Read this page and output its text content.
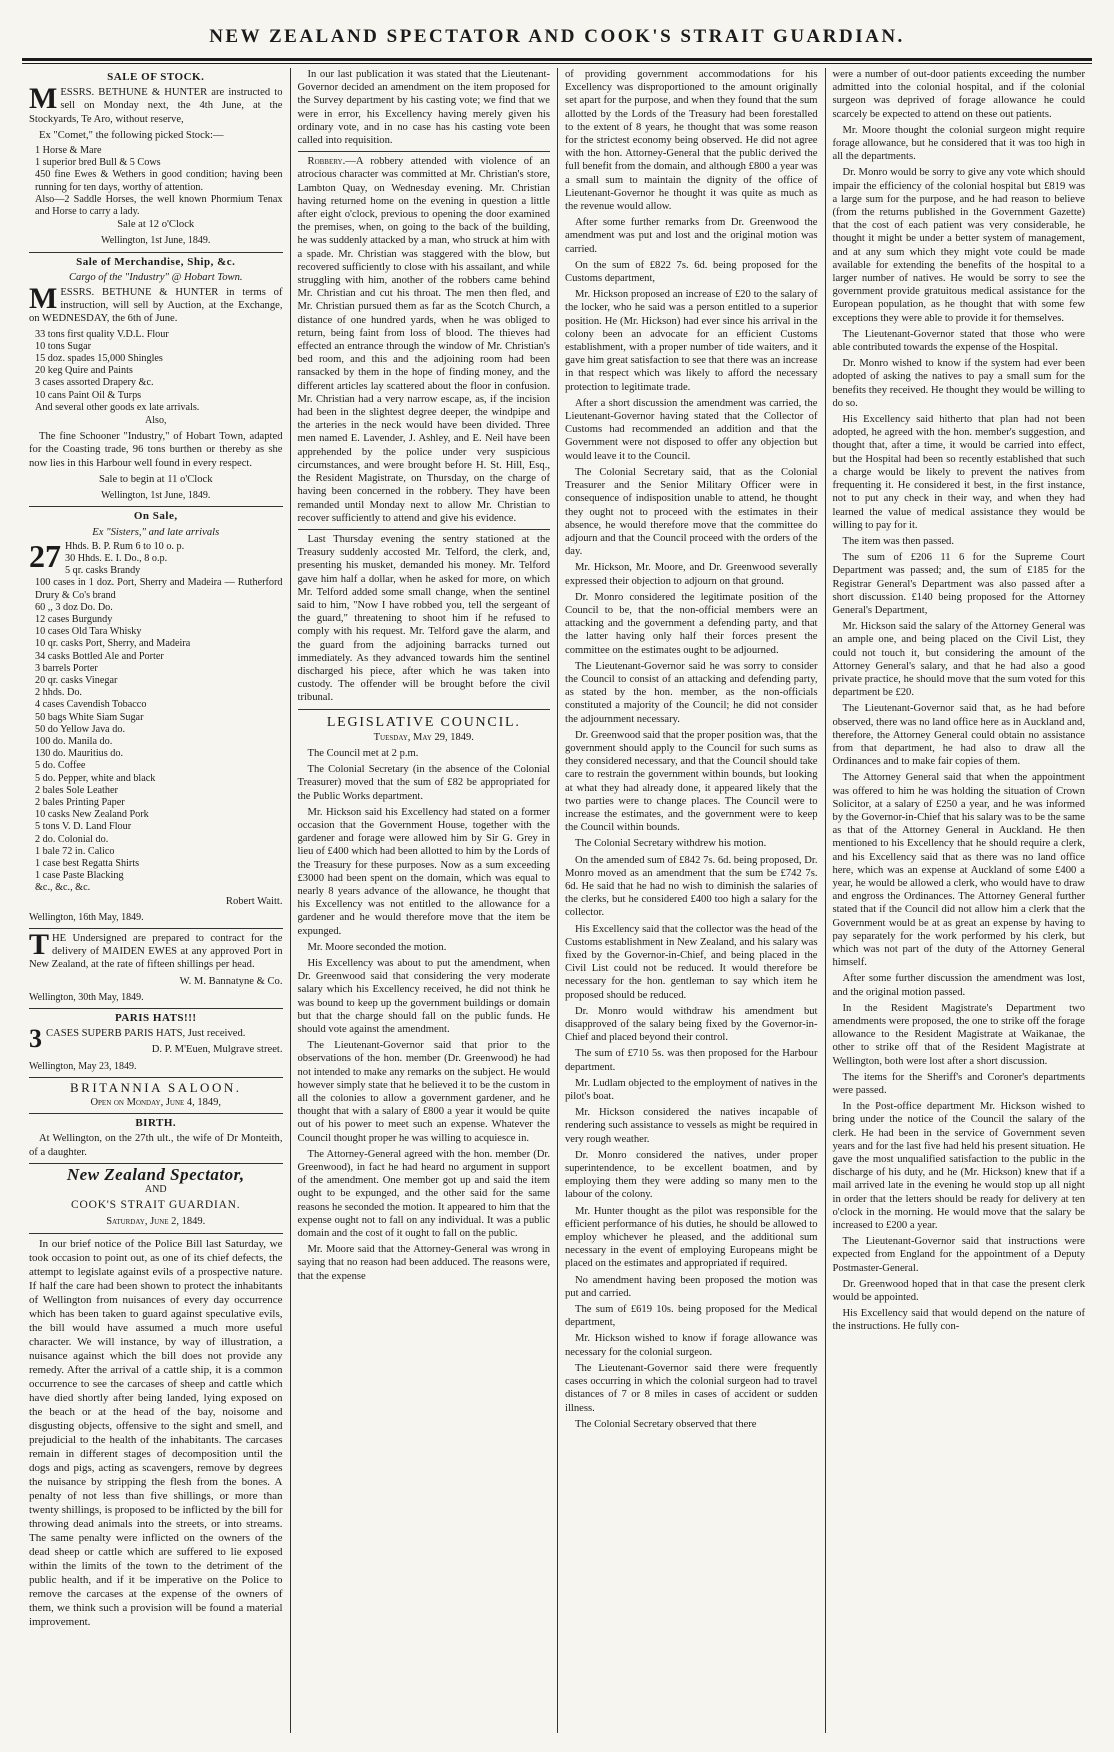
NEW ZEALAND SPECTATOR AND COOK'S STRAIT GUARDIAN.

SALE OF STOCK.

MESSRS. BETHUNE & HUNTER are instructed to sell on Monday next, the 4th June, at the Stockyards, Te Aro, without reserve,

Ex "Comet," the following picked Stock:—

1 Horse & Mare
1 superior bred Bull & 5 Cows
450 fine Ewes & Wethers in good condition; having been running for ten days, worthy of attention.
Also—2 Saddle Horses, the well known Phormium Tenax and Horse to carry a lady.

Sale at 12 o'Clock

Wellington, 1st June, 1849.

Sale of Merchandise, Ship, &c.

Cargo of the "Industry" @ Hobart Town.

MESSRS. BETHUNE & HUNTER in terms of instruction, will sell by Auction, at the Exchange, on WEDNESDAY, the 6th of June.

33 tons first quality V.D.L. Flour
10 tons Sugar
15 doz. spades 15,000 Shingles
20 keg Quire and Paints
3 cases assorted Drapery &c.
10 cans Paint Oil & Turps
And several other goods ex late arrivals.

Also,

The fine Schooner "Industry," of Hobart Town, adapted for the Coasting trade, 96 tons burthen or thereby as she now lies in this Harbour well found in every respect.

Sale to begin at 11 o'Clock

Wellington, 1st June, 1849.

On Sale,

Ex "Sisters," and late arrivals

27 Hhds. B. P. Rum 6 to 10 o. p.
30 Hhds. E. I. Do., 8 o.p.
5 qr. casks Brandy
100 cases in 1 doz. Port, Sherry and Madeira — Rutherford Drury & Co's brand
60 ,, 3 doz Do. Do.
12 cases Burgundy
10 cases Old Tara Whisky
10 qr. casks Port, Sherry, and Madeira
34 casks Bottled Ale and Porter
3 barrels Porter
20 qr. casks Vinegar
2 hhds. Do.
4 cases Cavendish Tobacco
50 bags White Siam Sugar
50 do Yellow Java do.
100 do. Manila do.
130 do. Mauritius do.
5 do. Coffee
5 do. Pepper, white and black
2 bales Sole Leather
2 bales Printing Paper
10 casks New Zealand Pork
5 tons V. D. Land Flour
2 do. Colonial do.
1 bale 72 in. Calico
1 case best Regatta Shirts
1 case Paste Blacking
&c., &c., &c.

Robert Waitt.

Wellington, 16th May, 1849.

THE Undersigned are prepared to contract for the delivery of MAIDEN EWES at any approved Port in New Zealand, at the rate of fifteen shillings per head.

W. M. Bannatyne & Co.

Wellington, 30th May, 1849.

PARIS HATS!!!

3 CASES SUPERB PARIS HATS, Just received.

D. P. M'Euen, Mulgrave street.

Wellington, May 23, 1849.

BRITANNIA SALOON.

Open on Monday, June 4, 1849,

BIRTH.

At Wellington, on the 27th ult., the wife of Dr Monteith, of a daughter.

New Zealand Spectator,

AND

COOK'S STRAIT GUARDIAN.

Saturday, June 2, 1849.

In our brief notice of the Police Bill last Saturday, we took occasion to point out, as one of its chief defects, the attempt to legislate against evils of a prospective nature. If half the care had been shown to protect the inhabitants of Wellington from nuisances of every day occurrence which has been taken to guard against speculative evils, the bill would have assumed a much more useful character. We will instance, by way of illustration, a nuisance against which the bill does not provide any remedy. After the arrival of a cattle ship, it is a common occurrence to see the carcases of sheep and cattle which have died shortly after being landed, lying exposed on the beach or at the head of the bay, noisome and disgusting objects, offensive to the sight and smell, and prejudicial to the health of the inhabitants. The carcases remain in different stages of decomposition until the dogs and pigs, acting as scavengers, remove by degrees the nuisance by stripping the flesh from the bones. A penalty of not less than five shillings, or more than twenty shillings, is proposed to be inflicted by the bill for throwing dead animals into the streets, or into streams. The same penalty were inflicted on the owners of the dead sheep or cattle which are suffered to lie exposed within the limits of the town to the detriment of the public health, and if it be imperative on the Police to remove the carcases at the expense of the owners of them, we think such a provision will be found a material improvement.

In our last publication it was stated that the Lieutenant-Governor decided an amendment on the item proposed for the Survey department by his casting vote; we find that we were in error, his Excellency having merely given his ordinary vote, and in no case has his casting vote been called into requisition.

Robbery.—A robbery attended with violence of an atrocious character was committed at Mr. Christian's store, Lambton Quay, on Wednesday evening. Mr. Christian having returned home on the evening in question a little after eight o'clock, previous to opening the door examined the premises, when, on going to the back of the building, he was suddenly attacked by a man, who struck at him with a spade. Mr. Christian was staggered with the blow, but recovered sufficiently to close with his assailant, and while struggling with him, another of the robbers came behind Mr. Christian and cut his throat. The men then fled, and Mr. Christian pursued them as far as the Scotch Church, a distance of one hundred yards, when he was obliged to return, being faint from loss of blood. The thieves had effected an entrance through the window of Mr. Christian's bed room, and this and the adjoining room had been ransacked by them in the hope of finding money, and the different articles lay scattered about the floor in confusion. Mr. Christian had a very narrow escape, as, if the incision had been in the slightest degree deeper, the windpipe and the arteries in the neck would have been divided. Three men named E. Lavender, J. Ashley, and E. Neil have been apprehended by the police under very suspicious circumstances, and were brought before H. St. Hill, Esq., the Resident Magistrate, on Thursday, on the charge of having been concerned in the robbery. They have been remanded until Monday next to allow Mr. Christian to recover sufficiently to attend and give his evidence.

Last Thursday evening the sentry stationed at the Treasury suddenly accosted Mr. Telford, the clerk, and, presenting his musket, demanded his money. Mr. Telford gave him half a dollar, when he asked for more, on which Mr. Telford added some small change, when the sentinel said to him, "Now I have robbed you, tell the sergeant of the guard," threatening to shoot him if he refused to comply with his request. Mr. Telford gave the alarm, and the guard from the adjoining barracks turned out immediately. As they advanced towards him the sentinel discharged his piece, after which he was taken into custody. The offender will be brought before the civil tribunal.

LEGISLATIVE COUNCIL.

Tuesday, May 29, 1849.

The Council met at 2 p.m.

The Colonial Secretary (in the absence of the Colonial Treasurer) moved that the sum of £82 be appropriated for the Public Works department.

Mr. Hickson said his Excellency had stated on a former occasion that the Government House, together with the gardener and forage were allowed him by Sir G. Grey in lieu of £400 which had been allotted to him by the Lords of the Treasury for these purposes. Now as a sum exceeding £3000 had been spent on the domain, which was equal to nearly 8 years advance of the allowance, he thought that his Excellency was not entitled to the allowance for a gardener and he would therefore move that the item be expunged.

Mr. Moore seconded the motion.

His Excellency was about to put the amendment, when Dr. Greenwood said that considering the very moderate salary which his Excellency received, he did not think he was bound to keep up the government buildings or domain but that the charge should fall on the public funds. He should vote against the amendment.

The Lieutenant-Governor said that prior to the observations of the hon. member (Dr. Greenwood) he had not intended to make any remarks on the subject. He would however simply state that he believed it to be the custom in all the colonies to allow a government gardener, and he thought that with a salary of £800 a year it would be quite out of his power to meet such an expense. Whatever the Council thought proper he was willing to acquiesce in.

The Attorney-General agreed with the hon. member (Dr. Greenwood), in fact he had heard no argument in support of the amendment. One member got up and said the item ought to be expunged, and the other said for the same reasons he seconded the motion. It appeared to him that the expense ought not to fall on any individual. It was a public domain and the cost of it ought to fall on the public.

Mr. Moore said that the Attorney-General was wrong in saying that no reason had been adduced. The reasons were, that the expense

of providing government accommodations for his Excellency was disproportioned to the amount originally set apart for the purpose, and when they found that the sum allotted by the Lords of the Treasury had been forestalled to the extent of 8 years, he thought that was some reason for the strictest economy being observed. He did not agree with the hon. Attorney-General that the public derived the full benefit from the domain, and although £800 a year was a small sum to maintain the dignity of the office of Lieutenant-Governor he thought it was quite as much as the revenue would allow.

After some further remarks from Dr. Greenwood the amendment was put and lost and the original motion was carried.

On the sum of £822 7s. 6d. being proposed for the Customs department,

Mr. Hickson proposed an increase of £20 to the salary of the locker, who he said was a person entitled to a superior position. He (Mr. Hickson) had ever since his arrival in the colony been an advocate for an efficient Customs establishment, with a proper number of tide waiters, and it gave him great satisfaction to see that there was an increase in that respect which was likely to afford the necessary protection to legitimate trade.

After a short discussion the amendment was carried, the Lieutenant-Governor having stated that the Collector of Customs had recommended an addition and that the Government were not disposed to offer any objection but would leave it to the Council.

The Colonial Secretary said, that as the Colonial Treasurer and the Senior Military Officer were in consequence of indisposition unable to attend, he thought they ought not to proceed with the estimates in their absence, he would therefore move that the committee do adjourn and that the Council proceed with the orders of the day.

Mr. Hickson, Mr. Moore, and Dr. Greenwood severally expressed their objection to adjourn on that ground.

Dr. Monro considered the legitimate position of the Council to be, that the non-official members were an attacking and the government a defending party, and that the latter having only half their forces present the committee on the estimates ought to be adjourned.

The Lieutenant-Governor said he was sorry to consider the Council to consist of an attacking and defending party, as stated by the hon. member, as the non-officials constituted a majority of the Council; he did not consider the adjournment necessary.

Dr. Greenwood said that the proper position was, that the government should apply to the Council for such sums as they considered necessary, and that the Council should take care to restrain the government within bounds, but looking at what they had already done, it appeared likely that the two parties were to change places. The Council were to increase the estimates, and the government were to keep the Council within bounds.

The Colonial Secretary withdrew his motion.

On the amended sum of £842 7s. 6d. being proposed, Dr. Monro moved as an amendment that the sum be £742 7s. 6d. He said that he had no wish to diminish the salaries of the clerks, but he considered £400 too high a salary for the collector.

His Excellency said that the collector was the head of the Customs establishment in New Zealand, and his salary was fixed by the Governor-in-Chief, and being placed in the Civil List could not be reduced. It would therefore be necessary for the hon. gentleman to say which item he proposed should be reduced.

Dr. Monro would withdraw his amendment but disapproved of the salary being fixed by the Governor-in-Chief and placed beyond their control.

The sum of £710 5s. was then proposed for the Harbour department.

Mr. Ludlam objected to the employment of natives in the pilot's boat.

Mr. Hickson considered the natives incapable of rendering such assistance to vessels as might be required in very rough weather.

Dr. Monro considered the natives, under proper superintendence, to be excellent boatmen, and by employing them they were adding so many men to the labour of the colony.

Mr. Hunter thought as the pilot was responsible for the efficient performance of his duties, he should be allowed to employ whichever he pleased, and the additional sum necessary in the event of employing Europeans might be placed on the estimates and appropriated if required.

No amendment having been proposed the motion was put and carried.

The sum of £619 10s. being proposed for the Medical department,

Mr. Hickson wished to know if forage allowance was necessary for the colonial surgeon.

The Lieutenant-Governor said there were frequently cases occurring in which the colonial surgeon had to travel distances of 7 or 8 miles in cases of accident or sudden illness.

The Colonial Secretary observed that there

were a number of out-door patients exceeding the number admitted into the colonial hospital, and if the colonial surgeon was deprived of forage allowance he could scarcely be expected to attend on these out patients.

Mr. Moore thought the colonial surgeon might require forage allowance, but he considered that it was too high in all the departments.

Dr. Monro would be sorry to give any vote which should impair the efficiency of the colonial hospital but £819 was a large sum for the purpose, and he had reason to believe (from the returns published in the Government Gazette) that the cost of each patient was very considerable, he thought it might be under a better system of management, and at any sum which they might vote could be made available for extending the benefits of the hospital to a larger number of natives. He would be sorry to see the government provide gratuitous medical assistance for the European population, as he thought that with some few exceptions they were able to provide it for themselves.

The Lieutenant-Governor stated that those who were able contributed towards the expense of the Hospital.

Dr. Monro wished to know if the system had ever been adopted of asking the natives to pay a small sum for the benefits they received. He thought they would be willing to do so.

His Excellency said hitherto that plan had not been adopted, he agreed with the hon. member's suggestion, and thought that, after a time, it would be carried into effect, but the Hospital had been so recently established that such a charge would be likely to prevent the natives from frequenting it. He considered it best, in the first instance, not to put any check in their way, and when they had learned the value of medical assistance they would be willing to pay for it.

The item was then passed.

The sum of £206 11 6 for the Supreme Court Department was passed; and, the sum of £185 for the Registrar General's Department was also passed after a short discussion. £140 being proposed for the Attorney General's Department,

Mr. Hickson said the salary of the Attorney General was an ample one, and being placed on the Civil List, they could not touch it, but considering the amount of the Attorney General's salary, and that he had also a good private practice, he should move that the sum voted for this department be £20.

The Lieutenant-Governor said that, as he had before observed, there was no land office here as in Auckland and, therefore, the Attorney General could obtain no assistance from that department, he had also to draw all the Ordinances and to make fair copies of them.

The Attorney General said that when the appointment was offered to him he was holding the situation of Crown Solicitor, at a salary of £250 a year, and he was informed by the Governor-in-Chief that his salary was to be the same as that of the Attorney General in Auckland. He then mentioned to his Excellency that he should require a clerk, and his Excellency said that as there was no land office here, which was an expense at Auckland of some £400 a year, he would be allowed a clerk, who would have to draw and engross the Ordinances. The Attorney General further stated that if the Council did not allow him a clerk that the Government would be at as great an expense by having to pay separately for the work performed by his clerk, but which was not part of the duty of the Attorney General himself.

After some further discussion the amendment was lost, and the original motion passed.

In the Resident Magistrate's Department two amendments were proposed, the one to strike off the forage allowance to the Resident Magistrate at Waikanae, the other to strike off that of the Resident Magistrate at Wellington, both were lost after a short discussion.

The items for the Sheriff's and Coroner's departments were passed.

In the Post-office department Mr. Hickson wished to bring under the notice of the Council the salary of the clerk. He had been in the service of Government seven years and for the last five had held his present situation. He gave the most unqualified satisfaction to the public in the discharge of his duty, and he (Mr. Hickson) knew that if a mail arrived late in the evening he would stop up all night in order that the letters should be ready for delivery at ten o'clock in the morning. He would move that the salary be increased to £200 a year.

The Lieutenant-Governor said that instructions were expected from England for the appointment of a Deputy Postmaster-General.

Dr. Greenwood hoped that in that case the present clerk would be appointed.

His Excellency said that would depend on the nature of the instructions. He fully con-
